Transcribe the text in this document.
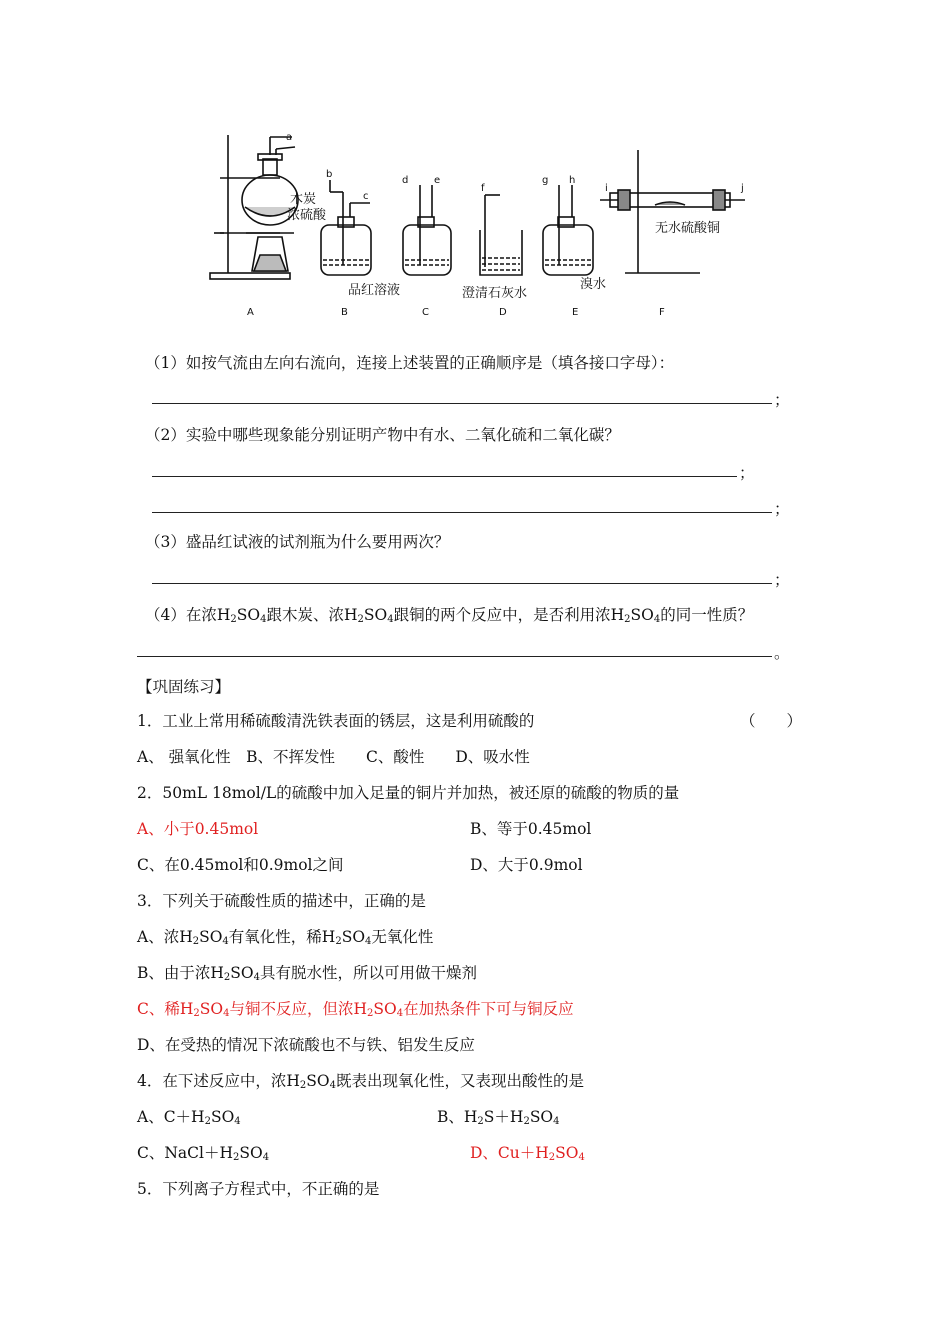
a
b
c
d	e
f
g h
i	j
木炭
浓硫酸
品红溶液	澄清石灰水
溴水
无水硫酸铜
A	B	C	D	E	F
（1）如按气流由左向右流向，连接上述装置的正确顺序是（填各接口字母）：
；
（2）实验中哪些现象能分别证明产物中有水、二氧化硫和二氧化碳？
；
；
（3）盛品红试液的试剂瓶为什么要用两次？
；
（4）在浓$H_2SO_4$跟木炭、浓$H_2SO_4$跟铜的两个反应中，是否利用浓$H_2SO_4$的同一性质？
。
【巩固练习】
1．工业上常用稀硫酸清洗铁表面的锈层，这是利用硫酸的	（　　）
A、 强氧化性　B、不挥发性　　C、酸性　　D、吸水性
2．50mL 18mol/L的硫酸中加入足量的铜片并加热，被还原的硫酸的物质的量
A、小于0.45mol	B、等于0.45mol
C、在0.45mol和0.9mol之间	D、大于0.9mol
3．下列关于硫酸性质的描述中，正确的是
A、浓$H_2SO_4$有氧化性，稀$H_2SO_4$无氧化性
B、由于浓$H_2SO_4$具有脱水性，所以可用做干燥剂
C、稀$H_2SO_4$与铜不反应，但浓$H_2SO_4$在加热条件下可与铜反应
D、在受热的情况下浓硫酸也不与铁、铝发生反应
4．在下述反应中，浓$H_2SO_4$既表出现氧化性，又表现出酸性的是
A、$C+H_2SO_4$	B、$H_2S+H_2SO_4$
C、$NaCl+H_2SO_4$	D、$Cu+H_2SO_4$
5．下列离子方程式中，不正确的是
